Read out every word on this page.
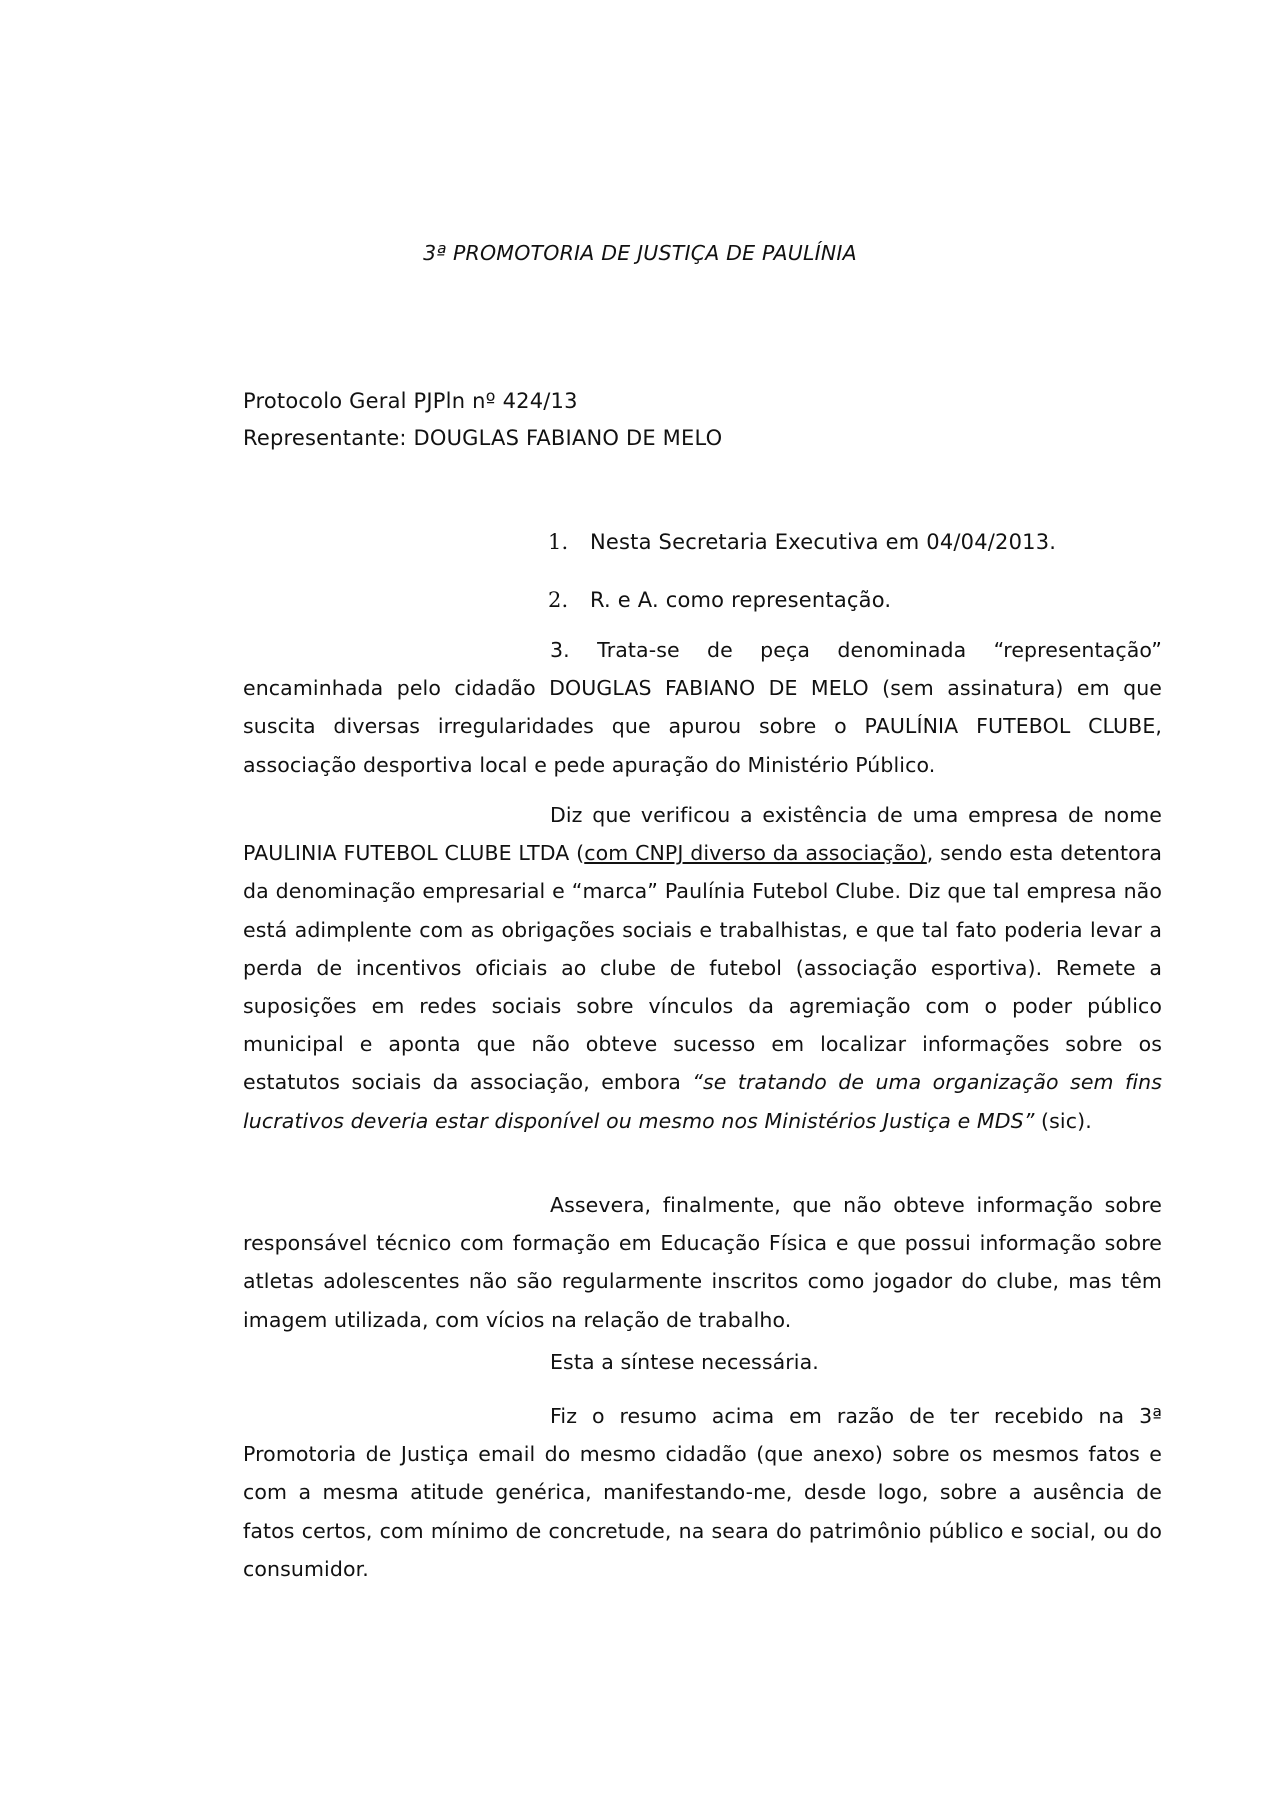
3ª PROMOTORIA DE JUSTIÇA DE PAULÍNIA
Protocolo Geral PJPln nº 424/13
Representante: DOUGLAS FABIANO DE MELO
1. Nesta Secretaria Executiva em 04/04/2013.
2. R. e A. como representação.
3. Trata-se de peça denominada “representação” encaminhada pelo cidadão DOUGLAS FABIANO DE MELO (sem assinatura) em que suscita diversas irregularidades que apurou sobre o PAULÍNIA FUTEBOL CLUBE, associação desportiva local e pede apuração do Ministério Público.
Diz que verificou a existência de uma empresa de nome PAULINIA FUTEBOL CLUBE LTDA (com CNPJ diverso da associação), sendo esta detentora da denominação empresarial e “marca” Paulínia Futebol Clube. Diz que tal empresa não está adimplente com as obrigações sociais e trabalhistas, e que tal fato poderia levar a perda de incentivos oficiais ao clube de futebol (associação esportiva). Remete a suposições em redes sociais sobre vínculos da agremiação com o poder público municipal e aponta que não obteve sucesso em localizar informações sobre os estatutos sociais da associação, embora “se tratando de uma organização sem fins lucrativos deveria estar disponível ou mesmo nos Ministérios Justiça e MDS” (sic).
Assevera, finalmente, que não obteve informação sobre responsável técnico com formação em Educação Física e que possui informação sobre atletas adolescentes não são regularmente inscritos como jogador do clube, mas têm imagem utilizada, com vícios na relação de trabalho.
Esta a síntese necessária.
Fiz o resumo acima em razão de ter recebido na 3ª Promotoria de Justiça email do mesmo cidadão (que anexo) sobre os mesmos fatos e com a mesma atitude genérica, manifestando-me, desde logo, sobre a ausência de fatos certos, com mínimo de concretude, na seara do patrimônio público e social, ou do consumidor.
